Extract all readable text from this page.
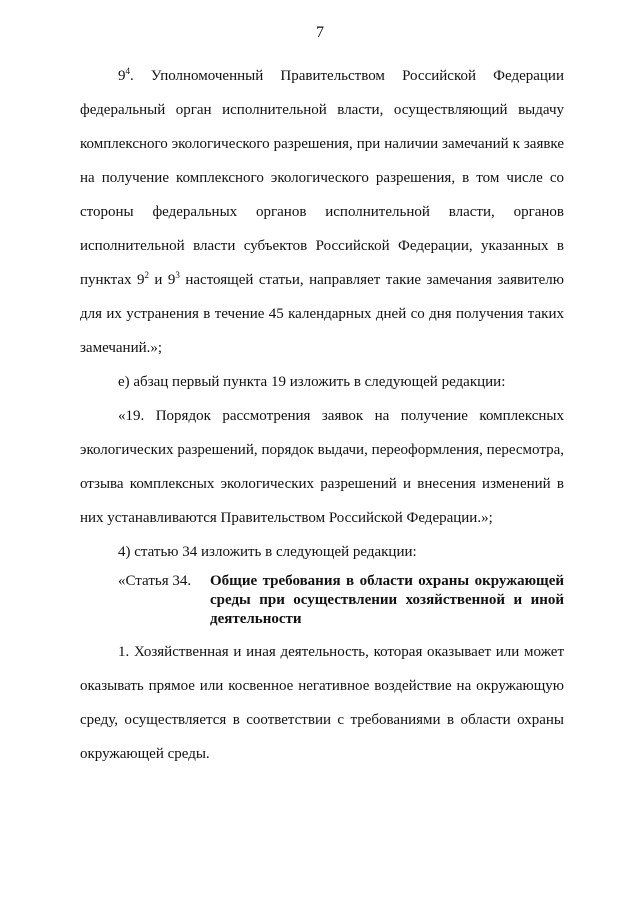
7

$9^4$. Уполномоченный Правительством Российской Федерации федеральный орган исполнительной власти, осуществляющий выдачу комплексного экологического разрешения, при наличии замечаний к заявке на получение комплексного экологического разрешения, в том числе со стороны федеральных органов исполнительной власти, органов исполнительной власти субъектов Российской Федерации, указанных в пунктах $9^2$ и $9^3$ настоящей статьи, направляет такие замечания заявителю для их устранения в течение 45 календарных дней со дня получения таких замечаний.»;

е) абзац первый пункта 19 изложить в следующей редакции:

«19. Порядок рассмотрения заявок на получение комплексных экологических разрешений, порядок выдачи, переоформления, пересмотра, отзыва комплексных экологических разрешений и внесения изменений в них устанавливаются Правительством Российской Федерации.»;

4) статью 34 изложить в следующей редакции:

«Статья 34. Общие требования в области охраны окружающей среды при осуществлении хозяйственной и иной деятельности

1. Хозяйственная и иная деятельность, которая оказывает или может оказывать прямое или косвенное негативное воздействие на окружающую среду, осуществляется в соответствии с требованиями в области охраны окружающей среды.
